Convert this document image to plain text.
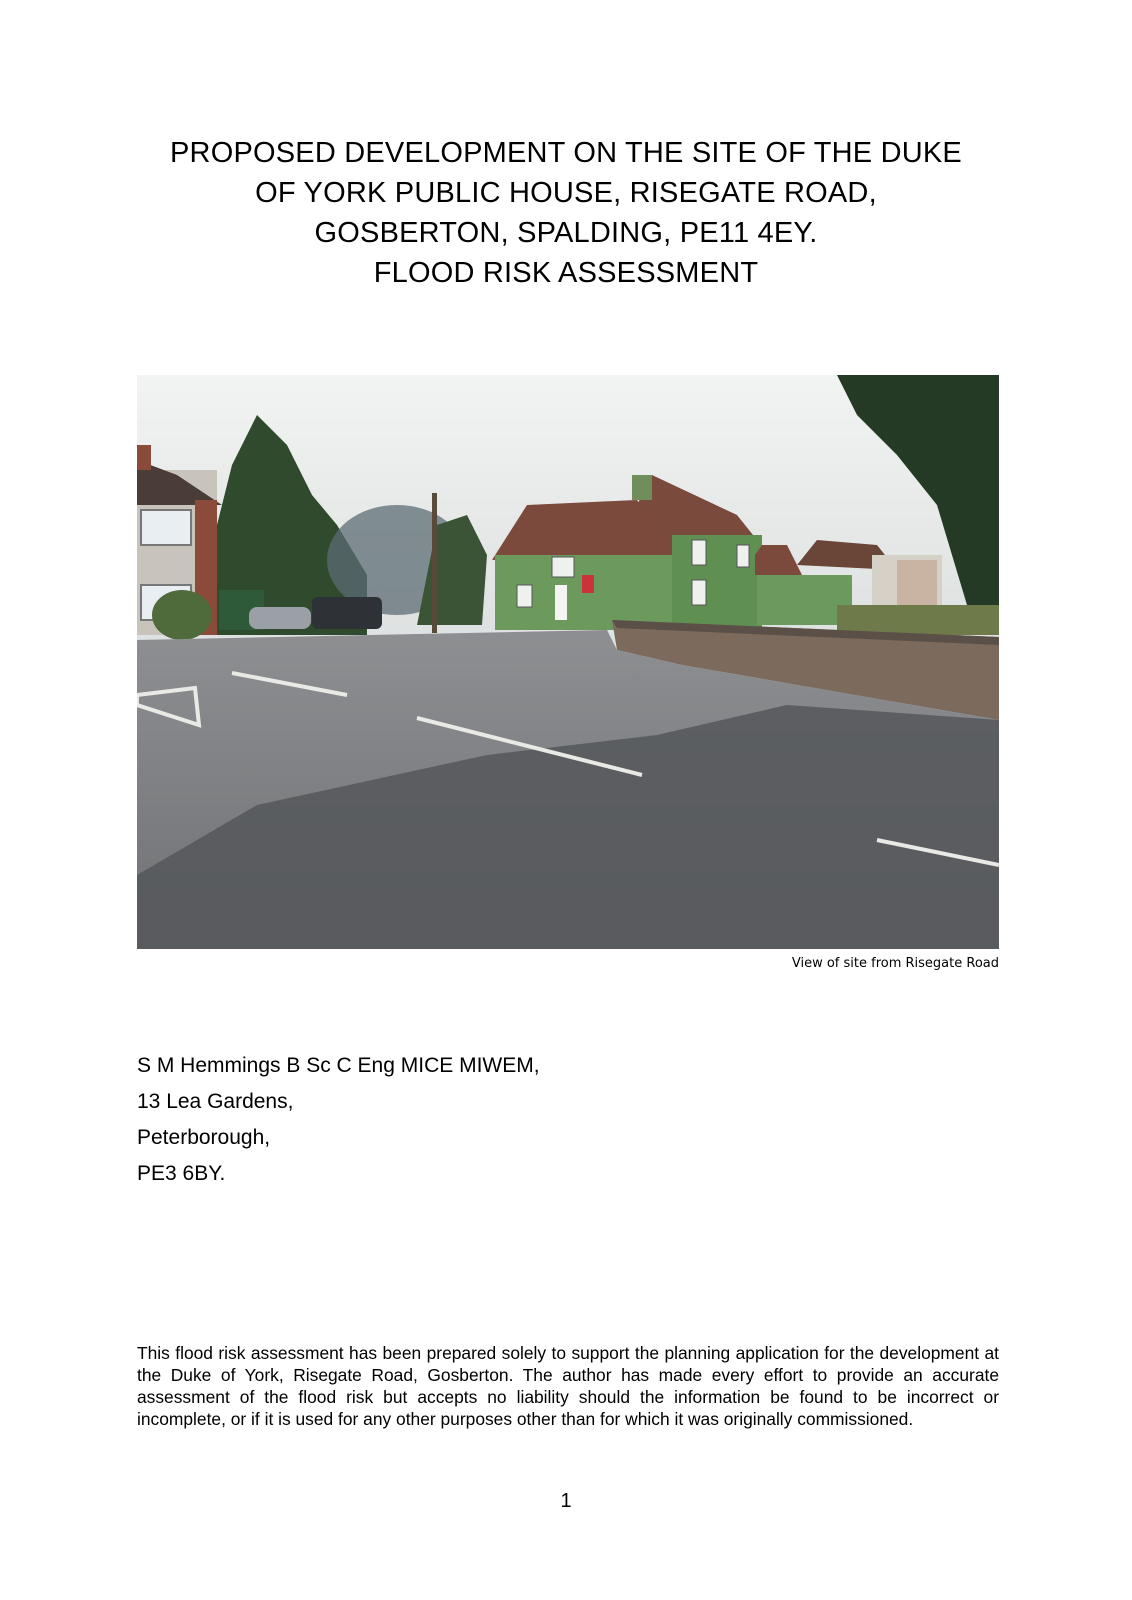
PROPOSED DEVELOPMENT ON THE SITE OF THE DUKE
OF YORK PUBLIC HOUSE, RISEGATE ROAD,
GOSBERTON, SPALDING, PE11 4EY.
FLOOD RISK ASSESSMENT
View of site from Risegate Road
S M Hemmings B Sc C Eng MICE MIWEM,
13 Lea Gardens,
Peterborough,
PE3 6BY.
This flood risk assessment has been prepared solely to support the planning application for the development at the Duke of York, Risegate Road, Gosberton. The author has made every effort to provide an accurate assessment of the flood risk but accepts no liability should the information be found to be incorrect or incomplete, or if it is used for any other purposes other than for which it was originally commissioned.
1
